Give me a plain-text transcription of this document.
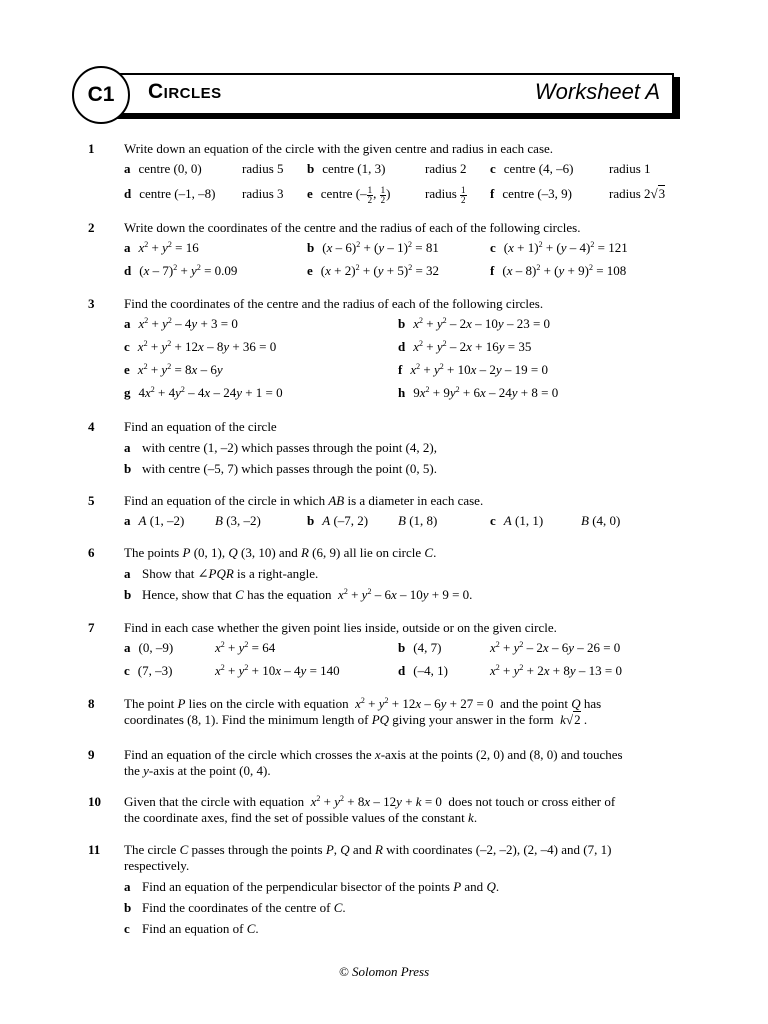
C1 Circles	Worksheet A
1 Write down an equation of the circle with the given centre and radius in each case.
a centre (0, 0)	radius 5 b centre (1, 3)	radius 2 c centre (4, –6)	radius 1
d centre (–1, –8) radius 3 e centre (– $\frac{1}{2}$ , $\frac{1}{2}$ )	radius $\frac{1}{2}$ f centre (–3, 9)	radius 2√3
2 Write down the coordinates of the centre and the radius of each of the following circles.
a $x^2 + y^2 = 16$	b (x – 6)$^2$ + (y – 1)$^2$ = 81	c $(x + 1)^2 + (y - 4)^2 = 121$
d $(x - 7)^2 + y^2 = 0.09$	e $(x + 2)^2 + (y + 5)^2 = 32$	f $(x - 8)^2 + (y + 9)^2 = 108$
3 Find the coordinates of the centre and the radius of each of the following circles.
a $x^2 + y^2 - 4y + 3 = 0$	b $x^2 + y^2 - 2x - 10y - 23 = 0$
c $x^2 + y^2 + 12x - 8y + 36 = 0$	d $x^2 + y^2 - 2x + 16y = 35$
e $x^2 + y^2 = 8x - 6y$	f $x^2 + y^2 + 10x - 2y - 19 = 0$
g $4x^2 + 4y^2 - 4x - 24y + 1 = 0$	h $9x^2 + 9y^2 + 6x - 24y + 8 = 0$
4 Find an equation of the circle
a with centre (1, –2) which passes through the point (4, 2),
b with centre (–5, 7) which passes through the point (0, 5).
5 Find an equation of the circle in which AB is a diameter in each case.
a A (1, –2) B (3, –2)	b A (–7, 2) B (1, 8)	c A (1, 1)	B (4, 0)
6 The points P (0, 1), Q (3, 10) and R (6, 9) all lie on circle C.
a Show that ∠PQR is a right-angle.
b Hence, show that C has the equation $x^2 + y^2 - 6x - 10y + 9 = 0$.
7 Find in each case whether the given point lies inside, outside or on the given circle.
a (0, –9)	$x^2 + y^2 = 64$	b (4, 7)	$x^2 + y^2 - 2x - 6y - 26 = 0$
c (7, –3)	$x^2 + y^2 + 10x - 4y = 140$	d (–4, 1)	$x^2 + y^2 + 2x + 8y - 13 = 0$
8 The point P lies on the circle with equation $x^2 + y^2 + 12x - 6y + 27 = 0$  and the point Q has
coordinates (8, 1). Find the minimum length of PQ giving your answer in the form k√2 .
9 Find an equation of the circle which crosses the x-axis at the points (2, 0) and (8, 0) and touches
the y-axis at the point (0, 4).
10 Given that the circle with equation $x^2 + y^2 + 8x - 12y + k = 0$  does not touch or cross either of
the coordinate axes, find the set of possible values of the constant k.
11 The circle C passes through the points P, Q and R with coordinates (–2, –2), (2, –4) and (7, 1)
respectively.
a Find an equation of the perpendicular bisector of the points P and Q.
b Find the coordinates of the centre of C.
c Find an equation of C.
© Solomon Press
